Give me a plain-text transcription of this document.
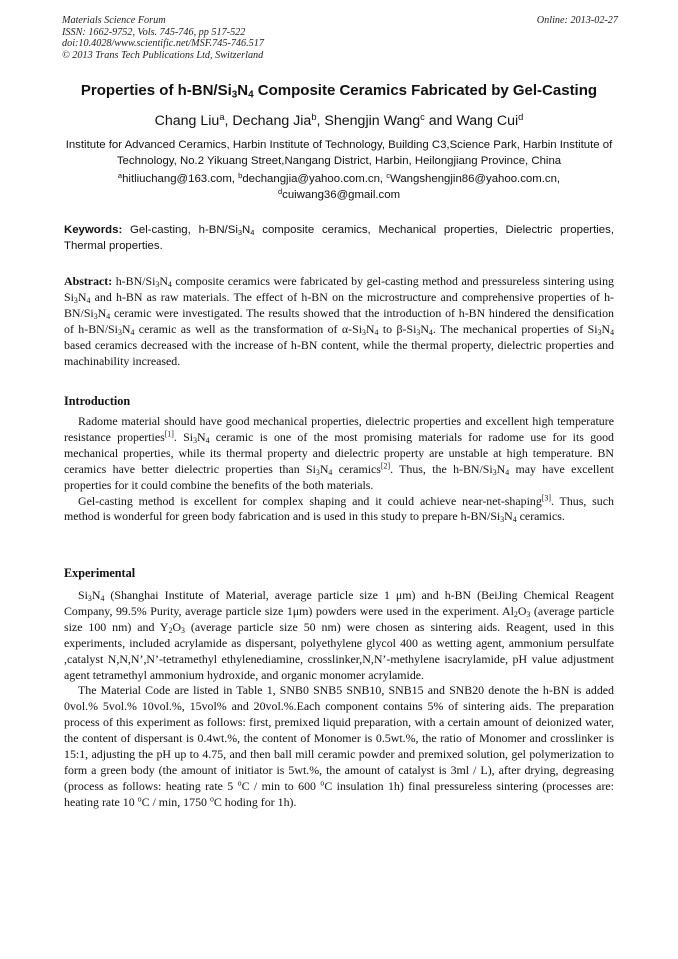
Materials Science Forum
ISSN: 1662-9752, Vols. 745-746, pp 517-522
doi:10.4028/www.scientific.net/MSF.745-746.517
© 2013 Trans Tech Publications Ltd, Switzerland
Online: 2013-02-27
Properties of $h-BN/Si_3N_4$ Composite Ceramics Fabricated by Gel-Casting
Chang Liu$^a$, Dechang Jia$^b$, Shengjin Wang$^c$ and Wang Cui$^d$
Institute for Advanced Ceramics, Harbin Institute of Technology, Building C3,Science Park, Harbin Institute of Technology, No.2 Yikuang Street,Nangang District, Harbin, Heilongjiang Province, China
$^a$hitliuchang@163.com, $^b$dechangjia@yahoo.com.cn, $^c$Wangshengjin86@yahoo.com.cn,
$^d$cuiwang36@gmail.com
Keywords: Gel-casting, $h-BN/Si_3N_4$ composite ceramics, Mechanical properties, Dielectric properties, Thermal properties.

Abstract: $h-BN/Si_3N_4$ composite ceramics were fabricated by gel-casting method and pressureless sintering using $Si_3N_4$ and h-BN as raw materials. The effect of h-BN on the microstructure and comprehensive properties of $h-BN/Si_3N_4$ ceramic were investigated. The results showed that the introduction of h-BN hindered the densification of $h-BN/Si_3N_4$ ceramic as well as the transformation of $\alpha-Si_3N_4$ to $\beta-Si_3N_4$. The mechanical properties of $Si_3N_4$ based ceramics decreased with the increase of h-BN content, while the thermal property, dielectric properties and machinability increased.

Introduction

Radome material should have good mechanical properties, dielectric properties and excellent high temperature resistance properties[1]. $Si_3N_4$ ceramic is one of the most promising materials for radome use for its good mechanical properties, while its thermal property and dielectric property are unstable at high temperature. BN ceramics have better dielectric properties than $Si_3N_4$ ceramics[2]. Thus, the $h-BN/Si_3N_4$ may have excellent properties for it could combine the benefits of the both materials.

Gel-casting method is excellent for complex shaping and it could achieve near-net-shaping[3]. Thus, such method is wonderful for green body fabrication and is used in this study to prepare $h-BN/Si_3N_4$ ceramics.

Experimental

$Si_3N_4$ (Shanghai Institute of Material, average particle size 1 μm) and h-BN (BeiJing Chemical Reagent Company, 99.5% Purity, average particle size 1μm) powders were used in the experiment. $Al_2O_3$ (average particle size 100 nm) and $Y_2O_3$ (average particle size 50 nm) were chosen as sintering aids. Reagent, used in this experiments, included acrylamide as dispersant, polyethylene glycol 400 as wetting agent, ammonium persulfate ,catalyst N,N,N’,N’-tetramethyl ethylenediamine, crosslinker,N,N’-methylene isacrylamide, pH value adjustment agent tetramethyl ammonium hydroxide, and organic monomer acrylamide.

The Material Code are listed in Table 1, SNB0 SNB5 SNB10, SNB15 and SNB20 denote the h-BN is added 0vol.% 5vol.% 10vol.%, 15vol% and 20vol.%.Each component contains 5% of sintering aids. The preparation process of this experiment as follows: first, premixed liquid preparation, with a certain amount of deionized water, the content of dispersant is 0.4wt.%, the content of Monomer is 0.5wt.%, the ratio of Monomer and crosslinker is 15:1, adjusting the pH up to 4.75, and then ball mill ceramic powder and premixed solution, gel polymerization to form a green body (the amount of initiator is 5wt.%, the amount of catalyst is 3ml / L), after drying, degreasing (process as follows: heating rate 5 $^o$C / min to 600 $^o$C insulation 1h) final pressureless sintering (processes are: heating rate 10 $^o$C / min, 1750 $^o$C hoding for 1h).
